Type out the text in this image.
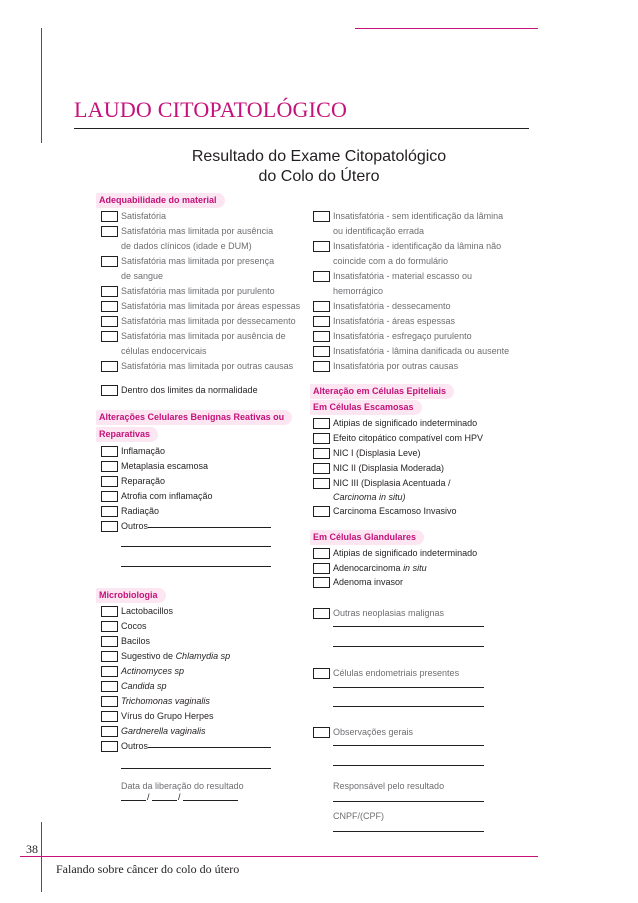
LAUDO CITOPATOLÓGICO
Resultado do Exame Citopatológico
do Colo do Útero
Adequabilidade do material
Satisfatória
Satisfatória mas limitada por ausência
de dados clínicos (idade e DUM)
Satisfatória mas limitada por presença
de sangue
Satisfatória mas limitada por purulento
Satisfatória mas limitada por áreas espessas
Satisfatória mas limitada por dessecamento
Satisfatória mas limitada por ausência de
células endocervicais
Satisfatória mas limitada por outras causas
Insatisfatória - sem identificação da lâmina
ou identificação errada
Insatisfatória - identificação da lâmina não
coincide com a do formulário
Insatisfatória - material escasso ou
hemorrágico
Insatisfatória - dessecamento
Insatisfatória - áreas espessas
Insatisfatória - esfregaço purulento
Insatisfatória - lâmina danificada ou ausente
Insatisfatória por outras causas
Dentro dos limites da normalidade
Alterações Celulares Benignas Reativas ou
Reparativas
Inflamação
Metaplasia escamosa
Reparação
Atrofia com inflamação
Radiação
Outros
Alteração em Células Epiteliais
Em Células Escamosas
Atipias de significado indeterminado
Efeito citopático compatível com HPV
NIC I (Displasia Leve)
NIC II (Displasia Moderada)
NIC III (Displasia Acentuada /
Carcinoma in situ)
Carcinoma Escamoso Invasivo
Em Células Glandulares
Atipias de significado indeterminado
Adenocarcinoma in situ
Adenoma invasor
Microbiologia
Lactobacillos
Cocos
Bacilos
Sugestivo de Chlamydia sp
Actinomyces sp
Candida sp
Trichomonas vaginalis
Vírus do Grupo Herpes
Gardnerella vaginalis
Outros
Outras neoplasias malignas
Células endometriais presentes
Observações gerais
Data da liberação do resultado
/	/
Responsável pelo resultado
CNPF/(CPF)
38
Falando sobre câncer do colo do útero
